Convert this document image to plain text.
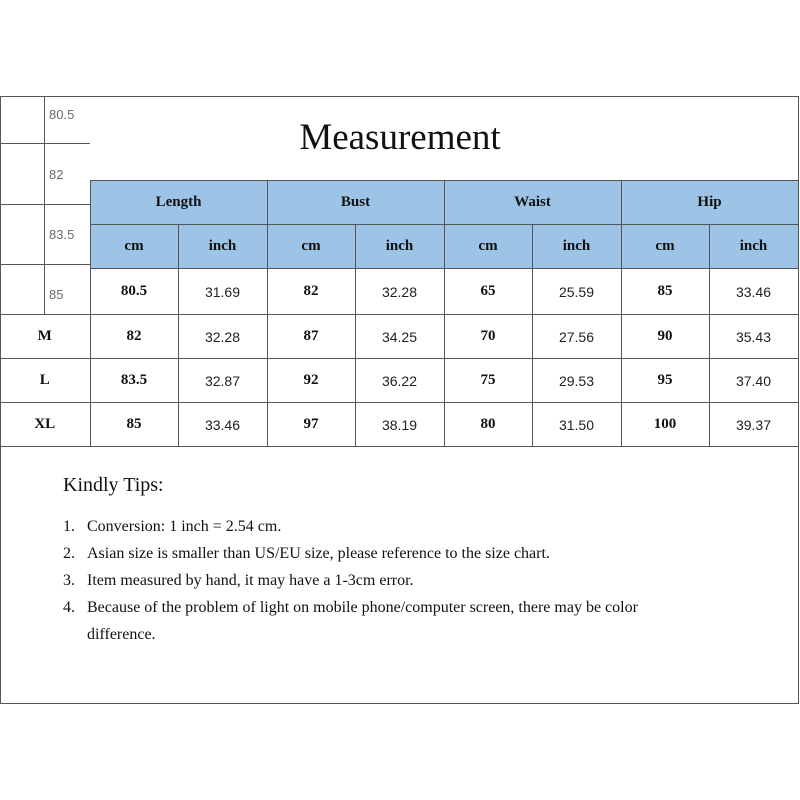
80.5
82
83.5
85
Measurement
	Length		Bust		Waist		Hip	
	cm	inch	cm	inch	cm	inch	cm	inch
	80.5	31.69	82	32.28	65	25.59	85	33.46
M	82	32.28	87	34.25	70	27.56	90	35.43
L	83.5	32.87	92	36.22	75	29.53	95	37.40
XL	85	33.46	97	38.19	80	31.50	100	39.37
Kindly Tips:
1. Conversion: 1 inch = 2.54 cm.
2. Asian size is smaller than US/EU size, please reference to the size chart.
3. Item measured by hand, it may have a 1-3cm error.
4. Because of the problem of light on mobile phone/computer screen, there may be color difference.
